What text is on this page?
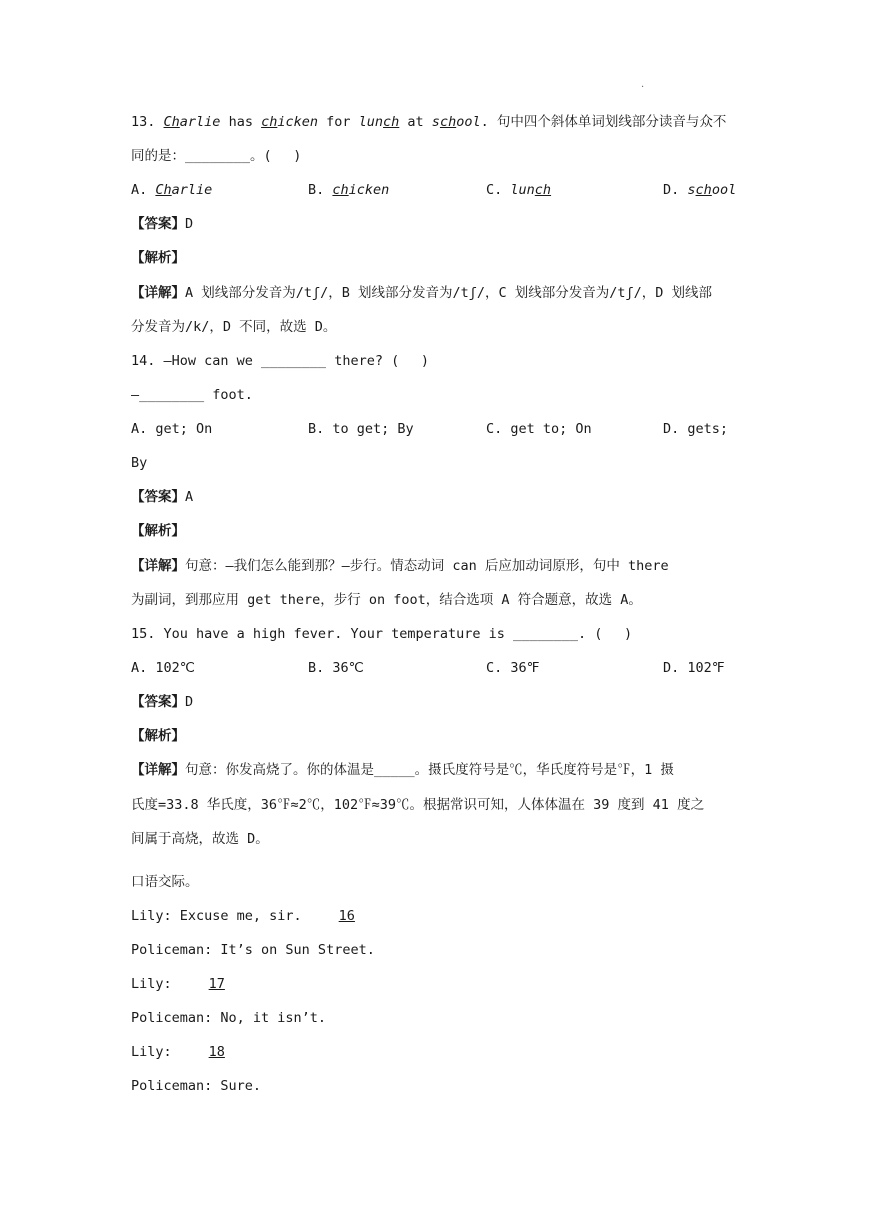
·
13. Charlie has chicken for lunch at school. 句中四个斜体单词划线部分读音与众不
同的是：________。(　 )
A. Charlie	B. chicken	C. lunch	D. school
【答案】D
【解析】
【详解】A 划线部分发音为/tʃ/，B 划线部分发音为/tʃ/，C 划线部分发音为/tʃ/，D 划线部
分发音为/k/，D 不同，故选 D。
14. —How can we ________ there? (　 )
—________ foot.
A. get; On	B. to get; By	C. get to; On	D. gets;
By
【答案】A
【解析】
【详解】句意：—我们怎么能到那？—步行。情态动词 can 后应加动词原形，句中 there
为副词，到那应用 get there，步行 on foot，结合选项 A 符合题意，故选 A。
15. You have a high fever. Your temperature is ________. (　 )
A. 102℃	B. 36℃	C. 36℉	D. 102℉
【答案】D
【解析】
【详解】句意：你发高烧了。你的体温是_____。摄氏度符号是℃，华氏度符号是℉，1 摄
氏度=33.8 华氏度，36℉≈2℃，102℉≈39℃。根据常识可知，人体体温在 39 度到 41 度之
间属于高烧，故选 D。
口语交际。
Lily: Excuse me, sir. 16
Policeman: It’s on Sun Street.
Lily: 17
Policeman: No, it isn’t.
Lily: 18
Policeman: Sure.
